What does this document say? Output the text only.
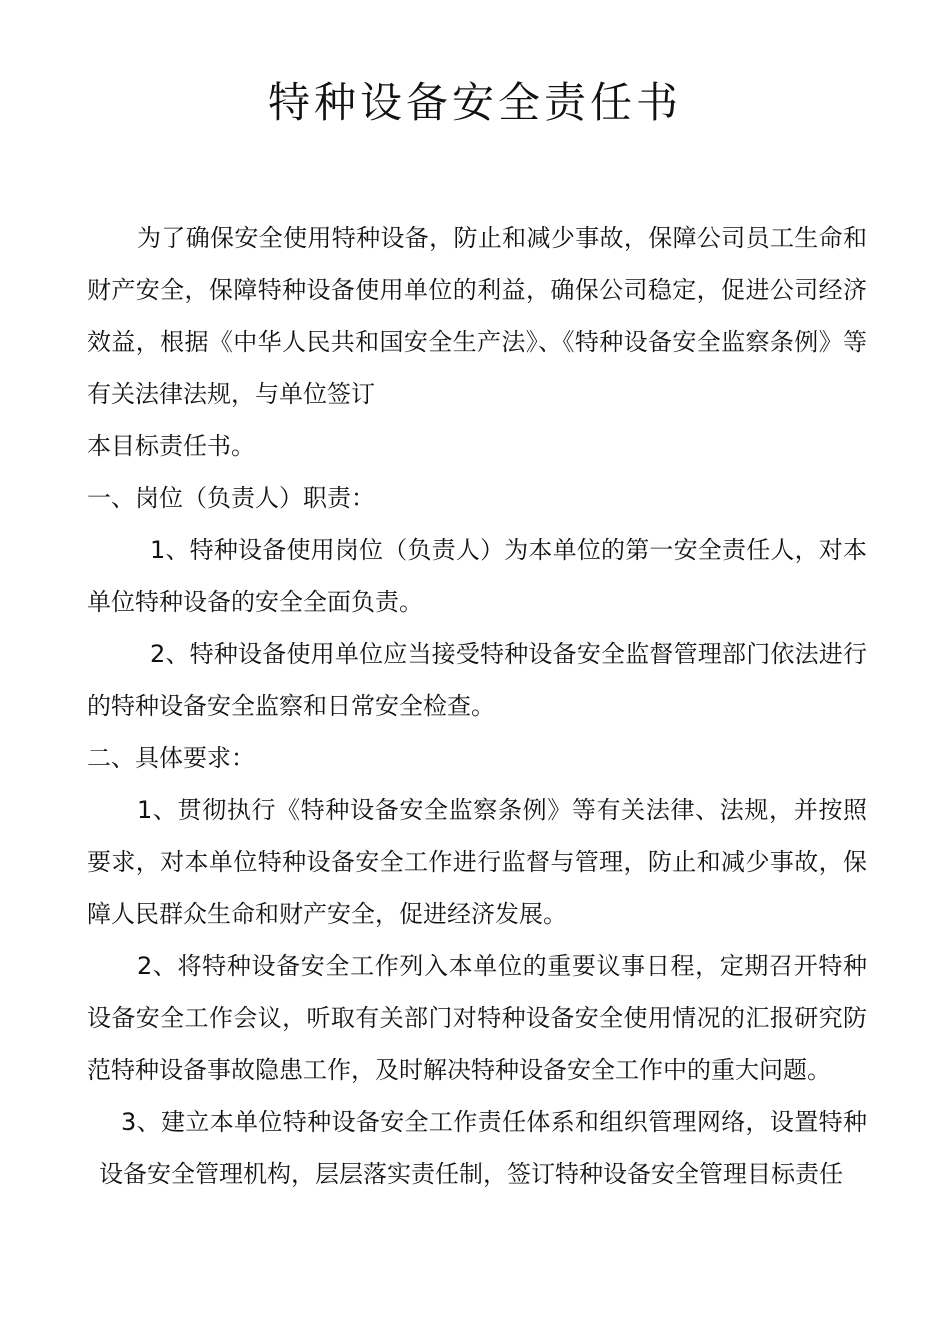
特种设备安全责任书

为了确保安全使用特种设备，防止和减少事故，保障公司员工生命和财产安全，保障特种设备使用单位的利益，确保公司稳定，促进公司经济效益，根据《中华人民共和国安全生产法》、《特种设备安全监察条例》等有关法律法规，与单位签订

本目标责任书。

一、岗位（负责人）职责：

1、特种设备使用岗位（负责人）为本单位的第一安全责任人，对本单位特种设备的安全全面负责。

2、特种设备使用单位应当接受特种设备安全监督管理部门依法进行的特种设备安全监察和日常安全检查。

二、具体要求：

1、贯彻执行《特种设备安全监察条例》等有关法律、法规，并按照要求，对本单位特种设备安全工作进行监督与管理，防止和减少事故，保障人民群众生命和财产安全，促进经济发展。

2、将特种设备安全工作列入本单位的重要议事日程，定期召开特种设备安全工作会议，听取有关部门对特种设备安全使用情况的汇报研究防范特种设备事故隐患工作，及时解决特种设备安全工作中的重大问题。

3、建立本单位特种设备安全工作责任体系和组织管理网络，设置特种设备安全管理机构，层层落实责任制，签订特种设备安全管理目标责任
